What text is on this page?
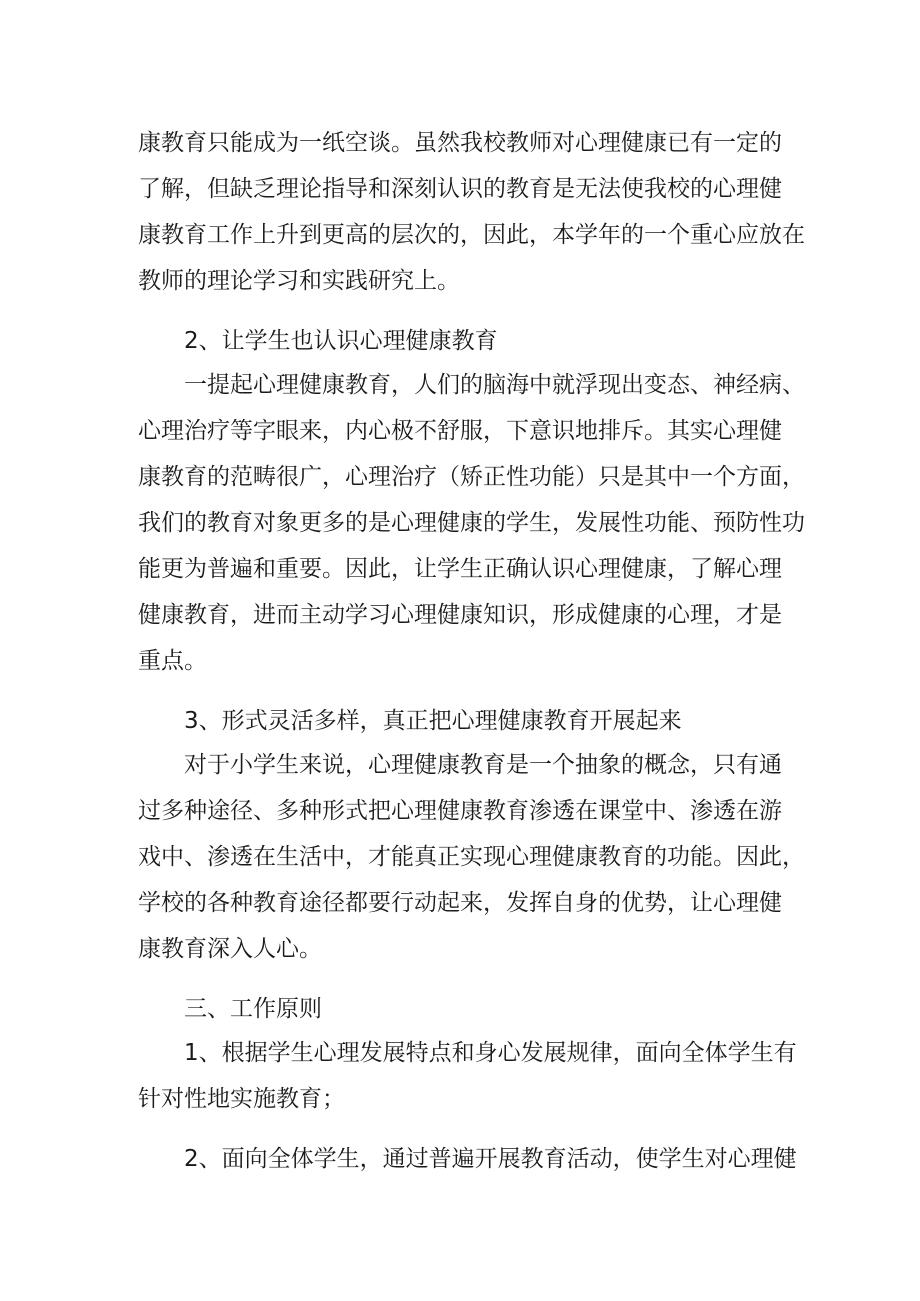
康教育只能成为一纸空谈。虽然我校教师对心理健康已有一定的
了解，但缺乏理论指导和深刻认识的教育是无法使我校的心理健
康教育工作上升到更高的层次的，因此，本学年的一个重心应放在
教师的理论学习和实践研究上。
2、让学生也认识心理健康教育
一提起心理健康教育，人们的脑海中就浮现出变态、神经病、
心理治疗等字眼来，内心极不舒服，下意识地排斥。其实心理健
康教育的范畴很广，心理治疗（矫正性功能）只是其中一个方面，
我们的教育对象更多的是心理健康的学生，发展性功能、预防性功
能更为普遍和重要。因此，让学生正确认识心理健康，了解心理
健康教育，进而主动学习心理健康知识，形成健康的心理，才是
重点。
3、形式灵活多样，真正把心理健康教育开展起来
对于小学生来说，心理健康教育是一个抽象的概念，只有通
过多种途径、多种形式把心理健康教育渗透在课堂中、渗透在游
戏中、渗透在生活中，才能真正实现心理健康教育的功能。因此，
学校的各种教育途径都要行动起来，发挥自身的优势，让心理健
康教育深入人心。
三、工作原则
1、根据学生心理发展特点和身心发展规律，面向全体学生有
针对性地实施教育；
2、面向全体学生，通过普遍开展教育活动，使学生对心理健
